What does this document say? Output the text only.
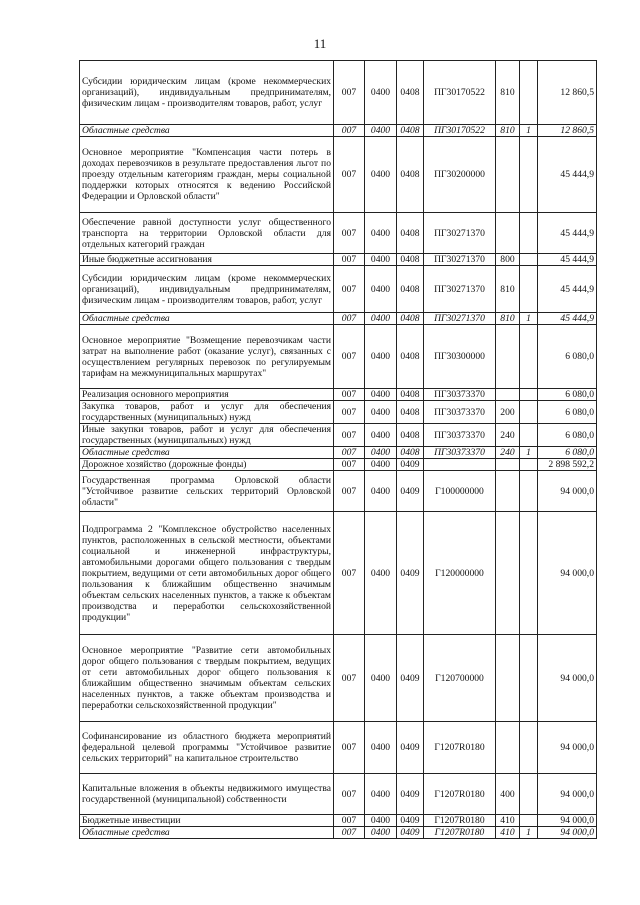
11
Субсидии юридическим лицам (кроме некоммерческих организаций), индивидуальным предпринимателям, физическим лицам - производителям товаров, работ, услуг	007	0400	0408	ПГ30170522	810		12 860,5
Областные средства	007	0400	0408	ПГ30170522	810	1	12 860,5
Основное мероприятие "Компенсация части потерь в доходах перевозчиков в результате предоставления льгот по проезду отдельным категориям граждан, меры социальной поддержки которых относятся к ведению Российской Федерации и Орловской области"	007	0400	0408	ПГ30200000			45 444,9
Обеспечение равной доступности услуг общественного транспорта на территории Орловской области для отдельных категорий граждан	007	0400	0408	ПГ30271370			45 444,9
Иные бюджетные ассигнования	007	0400	0408	ПГ30271370	800		45 444,9
Субсидии юридическим лицам (кроме некоммерческих организаций), индивидуальным предпринимателям, физическим лицам - производителям товаров, работ, услуг	007	0400	0408	ПГ30271370	810		45 444,9
Областные средства	007	0400	0408	ПГ30271370	810	1	45 444,9
Основное мероприятие "Возмещение перевозчикам части затрат на выполнение работ (оказание услуг), связанных с осуществлением регулярных перевозок по регулируемым тарифам на межмуниципальных маршрутах"	007	0400	0408	ПГ30300000			6 080,0
Реализация основного мероприятия	007	0400	0408	ПГ30373370			6 080,0
Закупка товаров, работ и услуг для обеспечения государственных (муниципальных) нужд	007	0400	0408	ПГ30373370	200		6 080,0
Иные закупки товаров, работ и услуг для обеспечения государственных (муниципальных) нужд	007	0400	0408	ПГ30373370	240		6 080,0
Областные средства	007	0400	0408	ПГ30373370	240	1	6 080,0
Дорожное хозяйство (дорожные фонды)	007	0400	0409				2 898 592,2
Государственная программа Орловской области "Устойчивое развитие сельских территорий Орловской области"	007	0400	0409	Г100000000			94 000,0
Подпрограмма 2 "Комплексное обустройство населенных пунктов, расположенных в сельской местности, объектами социальной и инженерной инфраструктуры, автомобильными дорогами общего пользования с твердым покрытием, ведущими от сети автомобильных дорог общего пользования к ближайшим общественно значимым объектам сельских населенных пунктов, а также к объектам производства и переработки сельскохозяйственной продукции"	007	0400	0409	Г120000000			94 000,0
Основное мероприятие "Развитие сети автомобильных дорог общего пользования с твердым покрытием, ведущих от сети автомобильных дорог общего пользования к ближайшим общественно значимым объектам сельских населенных пунктов, а также объектам производства и переработки сельскохозяйственной продукции"	007	0400	0409	Г120700000			94 000,0
Софинансирование из областного бюджета мероприятий федеральной целевой программы "Устойчивое развитие сельских территорий" на капитальное строительство	007	0400	0409	Г1207R0180			94 000,0
Капитальные вложения в объекты недвижимого имущества государственной (муниципальной) собственности	007	0400	0409	Г1207R0180	400		94 000,0
Бюджетные инвестиции	007	0400	0409	Г1207R0180	410		94 000,0
Областные средства	007	0400	0409	Г1207R0180	410	1	94 000,0
